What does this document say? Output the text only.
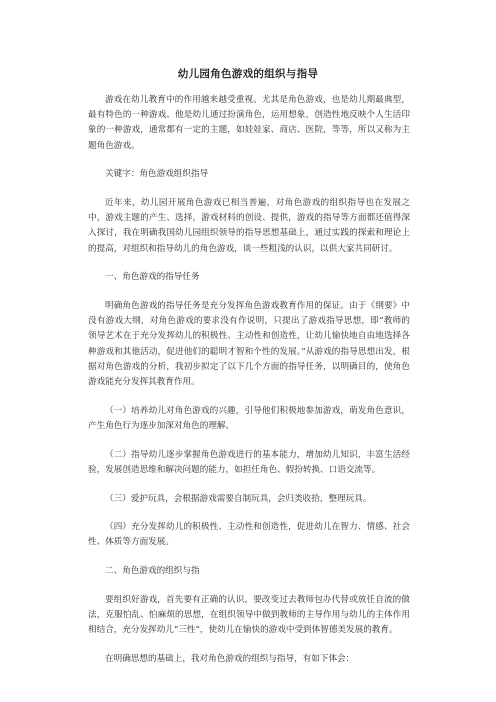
幼儿园角色游戏的组织与指导

游戏在幼儿教育中的作用越来越受重视。尤其是角色游戏，也是幼儿期最典型，最有特色的一种游戏。他是幼儿通过扮演角色，运用想象，创造性地反映个人生活印象的一种游戏，通常都有一定的主题，如娃娃家、商店、医院，等等，所以又称为主题角色游戏。

关键字：角色游戏组织指导

近年来，幼儿园开展角色游戏已相当普遍，对角色游戏的组织指导也在发展之中，游戏主题的产生、选择，游戏材料的创设、提供，游戏的指导等方面都还值得深入探讨，我在明确我国幼儿园组织领导的指导思想基础上，通过实践的探索和理论上的提高，对组织和指导幼儿的角色游戏，谈一些粗浅的认识，以供大家共同研讨。

一、角色游戏的指导任务

明确角色游戏的指导任务是充分发挥角色游戏教育作用的保证。由于《纲要》中没有游戏大纲，对角色游戏的要求没有作说明，只提出了游戏指导思想，即“教师的领导艺术在于充分发挥幼儿的积极性、主动性和创造性，让幼儿愉快地自由地选择各种游戏和其他活动，促进他们的聪明才智和个性的发展。”从游戏的指导思想出发，根据对角色游戏的分析，我初步拟定了以下几个方面的指导任务，以明确目的，使角色游戏能充分发挥其教育作用。

（一）培养幼儿对角色游戏的兴趣，引导他们积极地参加游戏，萌发角色意识，产生角色行为逐步加深对角色的理解。

（二）指导幼儿逐步掌握角色游戏进行的基本能力，增加幼儿知识，丰富生活经验，发展创造思维和解决问题的能力，如担任角色、假扮转换、口语交流等。

（三）爱护玩具，会根据游戏需要自制玩具，会归类收拾，整理玩具。

（四）充分发挥幼儿的积极性、主动性和创造性，促进幼儿在智力、情感、社会性、体质等方面发展。

二、角色游戏的组织与指

要组织好游戏，首先要有正确的认识，要改变过去教师包办代替或放任自流的做法，克服怕乱、怕麻烦的思想，在组织领导中做到教师的主导作用与幼儿的主体作用相结合，充分发挥幼儿“三性”，使幼儿在愉快的游戏中受到体智德美发展的教育。

在明确思想的基础上，我对角色游戏的组织与指导，有如下体会：
